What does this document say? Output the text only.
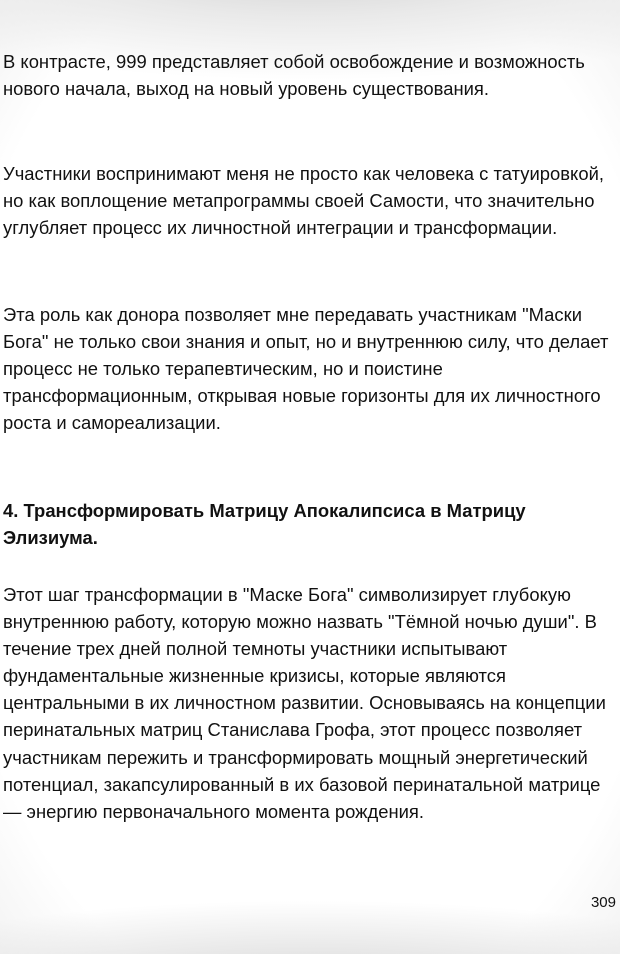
В контрасте, 999 представляет собой освобождение и возможность нового начала, выход на новый уровень существования.

Участники воспринимают меня не просто как человека с татуировкой, но как воплощение метапрограммы своей Самости, что значительно углубляет процесс их личностной интеграции и трансформации.

Эта роль как донора позволяет мне передавать участникам "Маски Бога" не только свои знания и опыт, но и внутреннюю силу, что делает процесс не только терапевтическим, но и поистине трансформационным, открывая новые горизонты для их личностного роста и самореализации.

4. Трансформировать Матрицу Апокалипсиса в Матрицу Элизиума.

Этот шаг трансформации в "Маске Бога" символизирует глубокую внутреннюю работу, которую можно назвать "Тёмной ночью души". В течение трех дней полной темноты участники испытывают фундаментальные жизненные кризисы, которые являются центральными в их личностном развитии. Основываясь на концепции перинатальных матриц Станислава Грофа, этот процесс позволяет участникам пережить и трансформировать мощный энергетический потенциал, закапсулированный в их базовой перинатальной матрице — энергию первоначального момента рождения.

309
